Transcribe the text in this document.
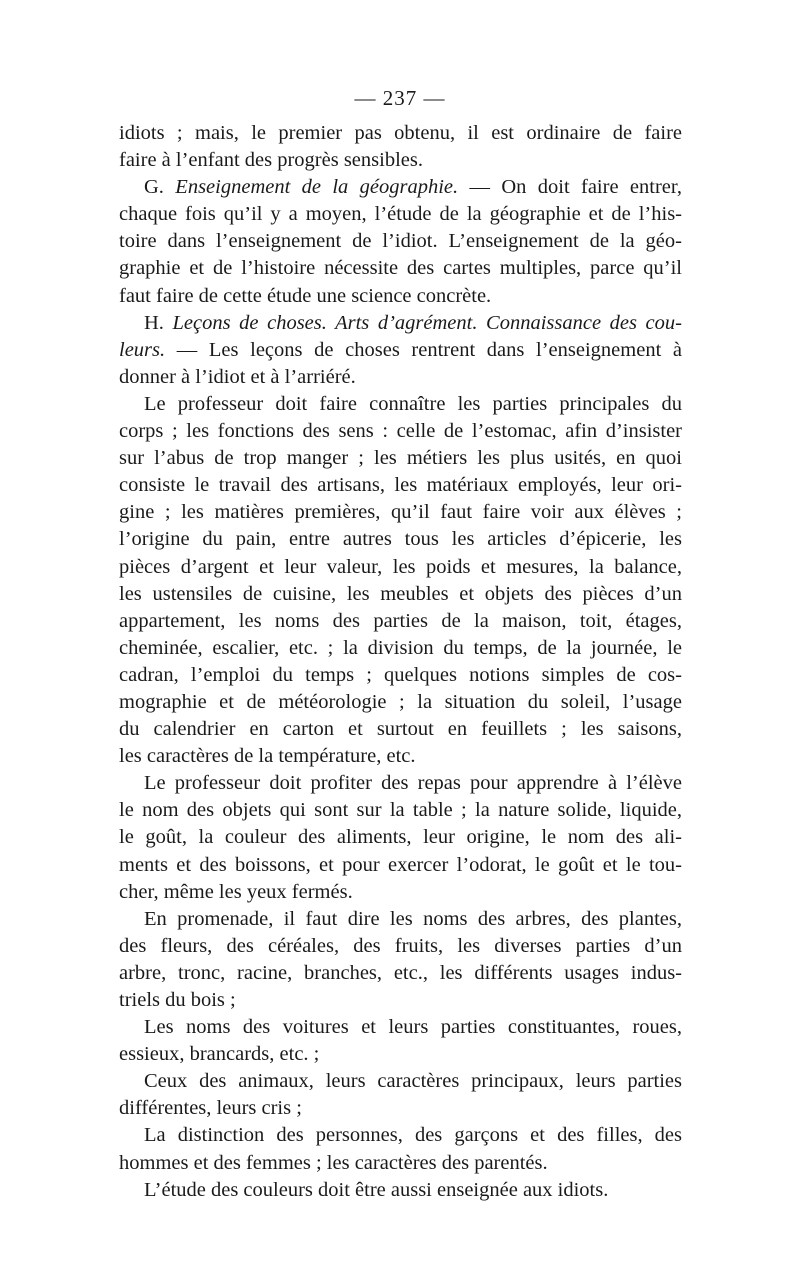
— 237 —
idiots ; mais, le premier pas obtenu, il est ordinaire de faire
faire à l’enfant des progrès sensibles.
G. Enseignement de la géographie. — On doit faire entrer,
chaque fois qu’il y a moyen, l’étude de la géographie et de l’his-
toire dans l’enseignement de l’idiot. L’enseignement de la géo-
graphie et de l’histoire nécessite des cartes multiples, parce qu’il
faut faire de cette étude une science concrète.
H. Leçons de choses. Arts d’agrément. Connaissance des cou-
leurs. — Les leçons de choses rentrent dans l’enseignement à
donner à l’idiot et à l’arriéré.
Le professeur doit faire connaître les parties principales du
corps ; les fonctions des sens : celle de l’estomac, afin d’insister
sur l’abus de trop manger ; les métiers les plus usités, en quoi
consiste le travail des artisans, les matériaux employés, leur ori-
gine ; les matières premières, qu’il faut faire voir aux élèves ;
l’origine du pain, entre autres tous les articles d’épicerie, les
pièces d’argent et leur valeur, les poids et mesures, la balance,
les ustensiles de cuisine, les meubles et objets des pièces d’un
appartement, les noms des parties de la maison, toit, étages,
cheminée, escalier, etc. ; la division du temps, de la journée, le
cadran, l’emploi du temps ; quelques notions simples de cos-
mographie et de météorologie ; la situation du soleil, l’usage
du calendrier en carton et surtout en feuillets ; les saisons,
les caractères de la température, etc.
Le professeur doit profiter des repas pour apprendre à l’élève
le nom des objets qui sont sur la table ; la nature solide, liquide,
le goût, la couleur des aliments, leur origine, le nom des ali-
ments et des boissons, et pour exercer l’odorat, le goût et le tou-
cher, même les yeux fermés.
En promenade, il faut dire les noms des arbres, des plantes,
des fleurs, des céréales, des fruits, les diverses parties d’un
arbre, tronc, racine, branches, etc., les différents usages indus-
triels du bois ;
Les noms des voitures et leurs parties constituantes, roues,
essieux, brancards, etc. ;
Ceux des animaux, leurs caractères principaux, leurs parties
différentes, leurs cris ;
La distinction des personnes, des garçons et des filles, des
hommes et des femmes ; les caractères des parentés.
L’étude des couleurs doit être aussi enseignée aux idiots.
